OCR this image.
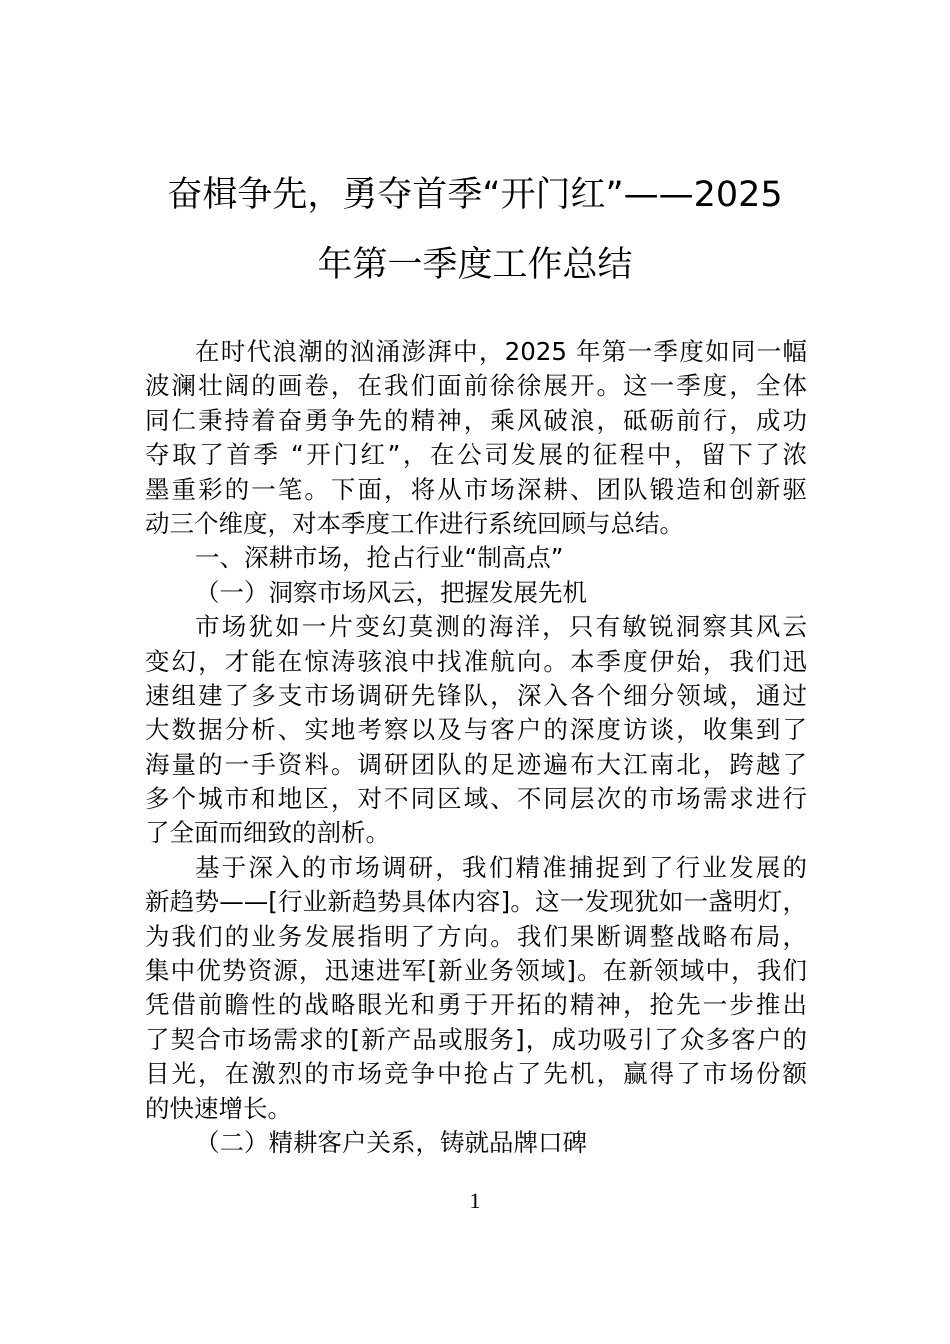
奋楫争先，勇夺首季“开门红”——2025
年第一季度工作总结
在时代浪潮的汹涌澎湃中，2025 年第一季度如同一幅
波澜壮阔的画卷，在我们面前徐徐展开。这一季度，全体
同仁秉持着奋勇争先的精神，乘风破浪，砥砺前行，成功
夺取了首季 “开门红”，在公司发展的征程中，留下了浓
墨重彩的一笔。下面，将从市场深耕、团队锻造和创新驱
动三个维度，对本季度工作进行系统回顾与总结。
一、深耕市场，抢占行业“制高点”
（一）洞察市场风云，把握发展先机
市场犹如一片变幻莫测的海洋，只有敏锐洞察其风云
变幻，才能在惊涛骇浪中找准航向。本季度伊始，我们迅
速组建了多支市场调研先锋队，深入各个细分领域，通过
大数据分析、实地考察以及与客户的深度访谈，收集到了
海量的一手资料。调研团队的足迹遍布大江南北，跨越了
多个城市和地区，对不同区域、不同层次的市场需求进行
了全面而细致的剖析。
基于深入的市场调研，我们精准捕捉到了行业发展的
新趋势——[行业新趋势具体内容]。这一发现犹如一盏明灯，
为我们的业务发展指明了方向。我们果断调整战略布局，
集中优势资源，迅速进军[新业务领域]。在新领域中，我们
凭借前瞻性的战略眼光和勇于开拓的精神，抢先一步推出
了契合市场需求的[新产品或服务]，成功吸引了众多客户的
目光，在激烈的市场竞争中抢占了先机，赢得了市场份额
的快速增长。
（二）精耕客户关系，铸就品牌口碑
1
